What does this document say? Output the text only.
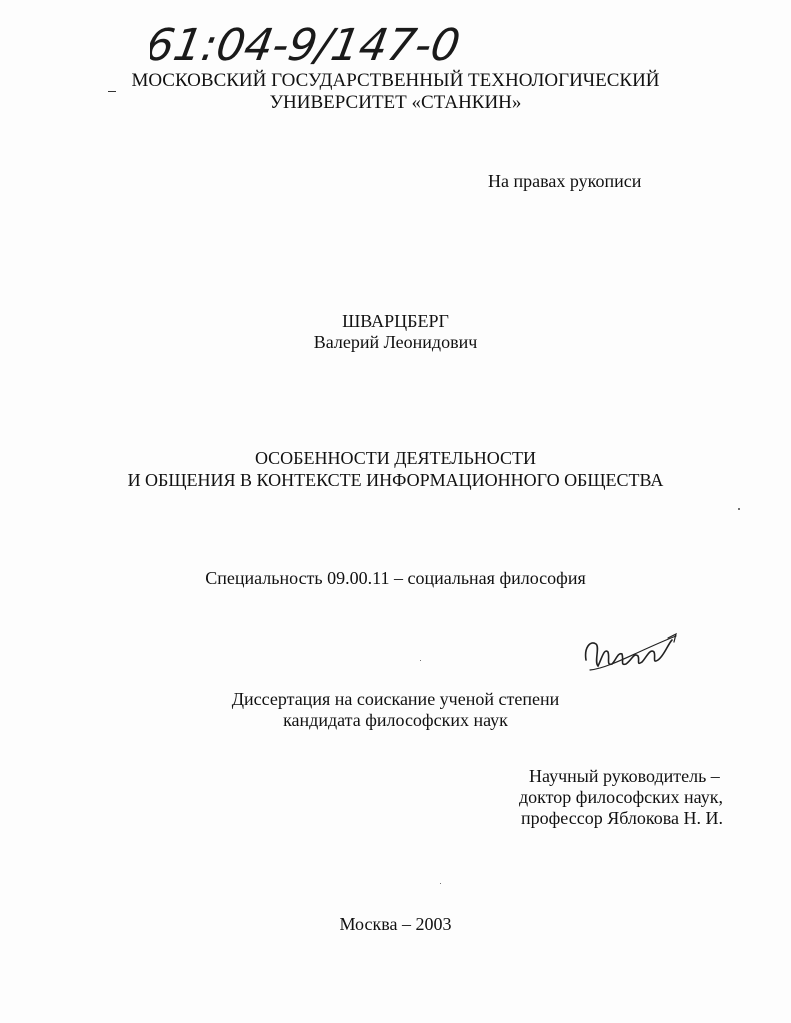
61:04-9/147-0
МОСКОВСКИЙ ГОСУДАРСТВЕННЫЙ ТЕХНОЛОГИЧЕСКИЙ
УНИВЕРСИТЕТ «СТАНКИН»
На правах рукописи
ШВАРЦБЕРГ
Валерий Леонидович
ОСОБЕННОСТИ ДЕЯТЕЛЬНОСТИ
И ОБЩЕНИЯ В КОНТЕКСТЕ ИНФОРМАЦИОННОГО ОБЩЕСТВА
Специальность 09.00.11 – социальная философия
Диссертация на соискание ученой степени
кандидата философских наук
Научный руководитель –
доктор философских наук,
профессор Яблокова Н. И.
Москва – 2003
